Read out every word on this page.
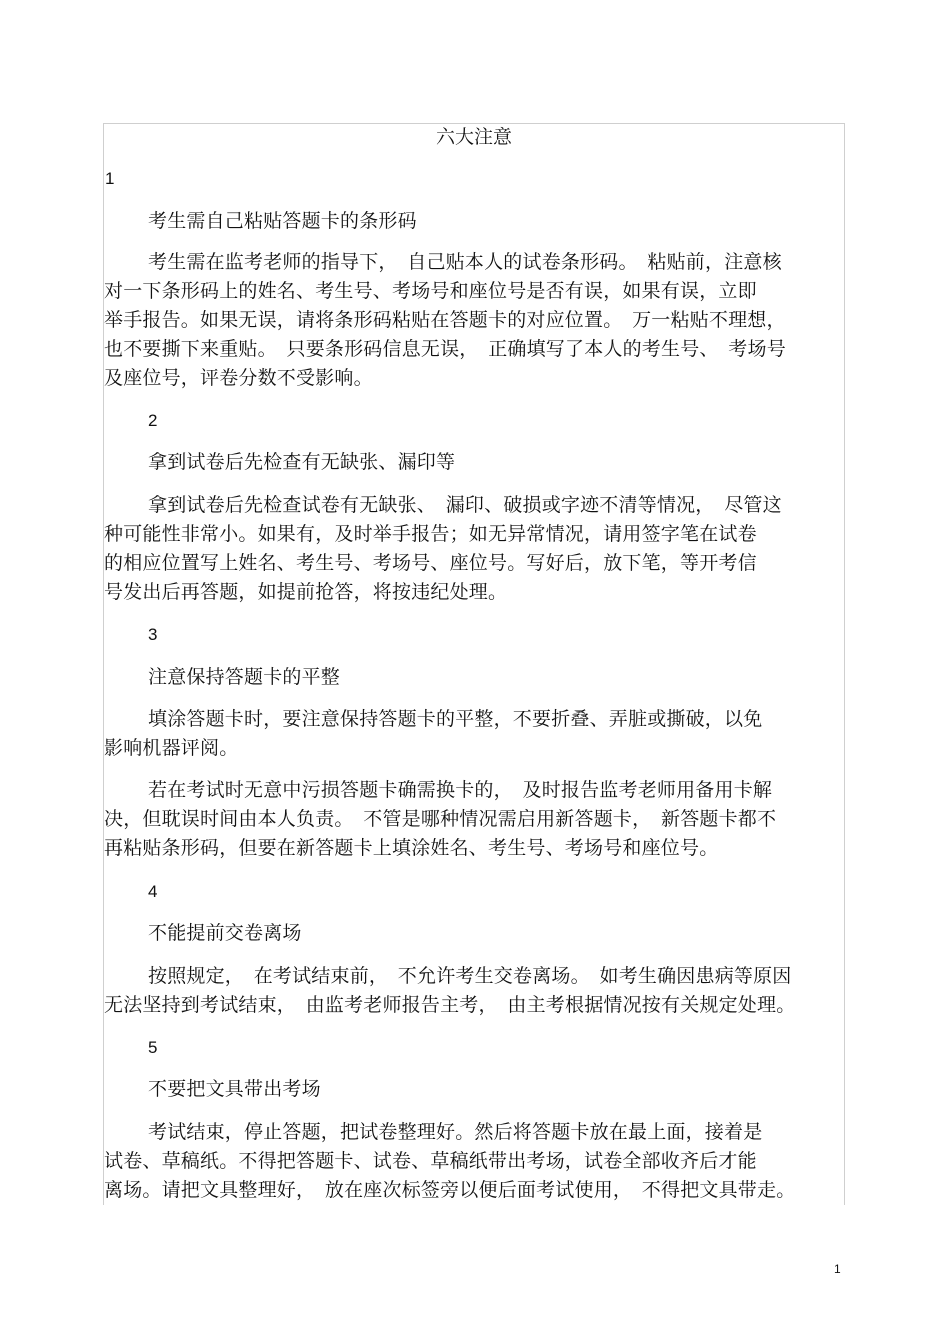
六大注意
1
考生需自己粘贴答题卡的条形码
考生需在监考老师的指导下，　自己贴本人的试卷条形码。　粘贴前，注意核
对一下条形码上的姓名、考生号、考场号和座位号是否有误，如果有误，立即
举手报告。如果无误，请将条形码粘贴在答题卡的对应位置。　万一粘贴不理想，
也不要撕下来重贴。　只要条形码信息无误，　正确填写了本人的考生号、　考场号
及座位号，评卷分数不受影响。
2
拿到试卷后先检查有无缺张、漏印等
拿到试卷后先检查试卷有无缺张、　漏印、破损或字迹不清等情况，　尽管这
种可能性非常小。如果有，及时举手报告；如无异常情况，请用签字笔在试卷
的相应位置写上姓名、考生号、考场号、座位号。写好后，放下笔，等开考信
号发出后再答题，如提前抢答，将按违纪处理。
3
注意保持答题卡的平整
填涂答题卡时，要注意保持答题卡的平整，不要折叠、弄脏或撕破，以免
影响机器评阅。
若在考试时无意中污损答题卡确需换卡的，　及时报告监考老师用备用卡解
决，但耽误时间由本人负责。　不管是哪种情况需启用新答题卡，　新答题卡都不
再粘贴条形码，但要在新答题卡上填涂姓名、考生号、考场号和座位号。
4
不能提前交卷离场
按照规定，　在考试结束前，　不允许考生交卷离场。　如考生确因患病等原因
无法坚持到考试结束，　由监考老师报告主考，　由主考根据情况按有关规定处理。
5
不要把文具带出考场
考试结束，停止答题，把试卷整理好。然后将答题卡放在最上面，接着是
试卷、草稿纸。不得把答题卡、试卷、草稿纸带出考场，试卷全部收齐后才能
离场。请把文具整理好，　放在座次标签旁以便后面考试使用，　不得把文具带走。
1
